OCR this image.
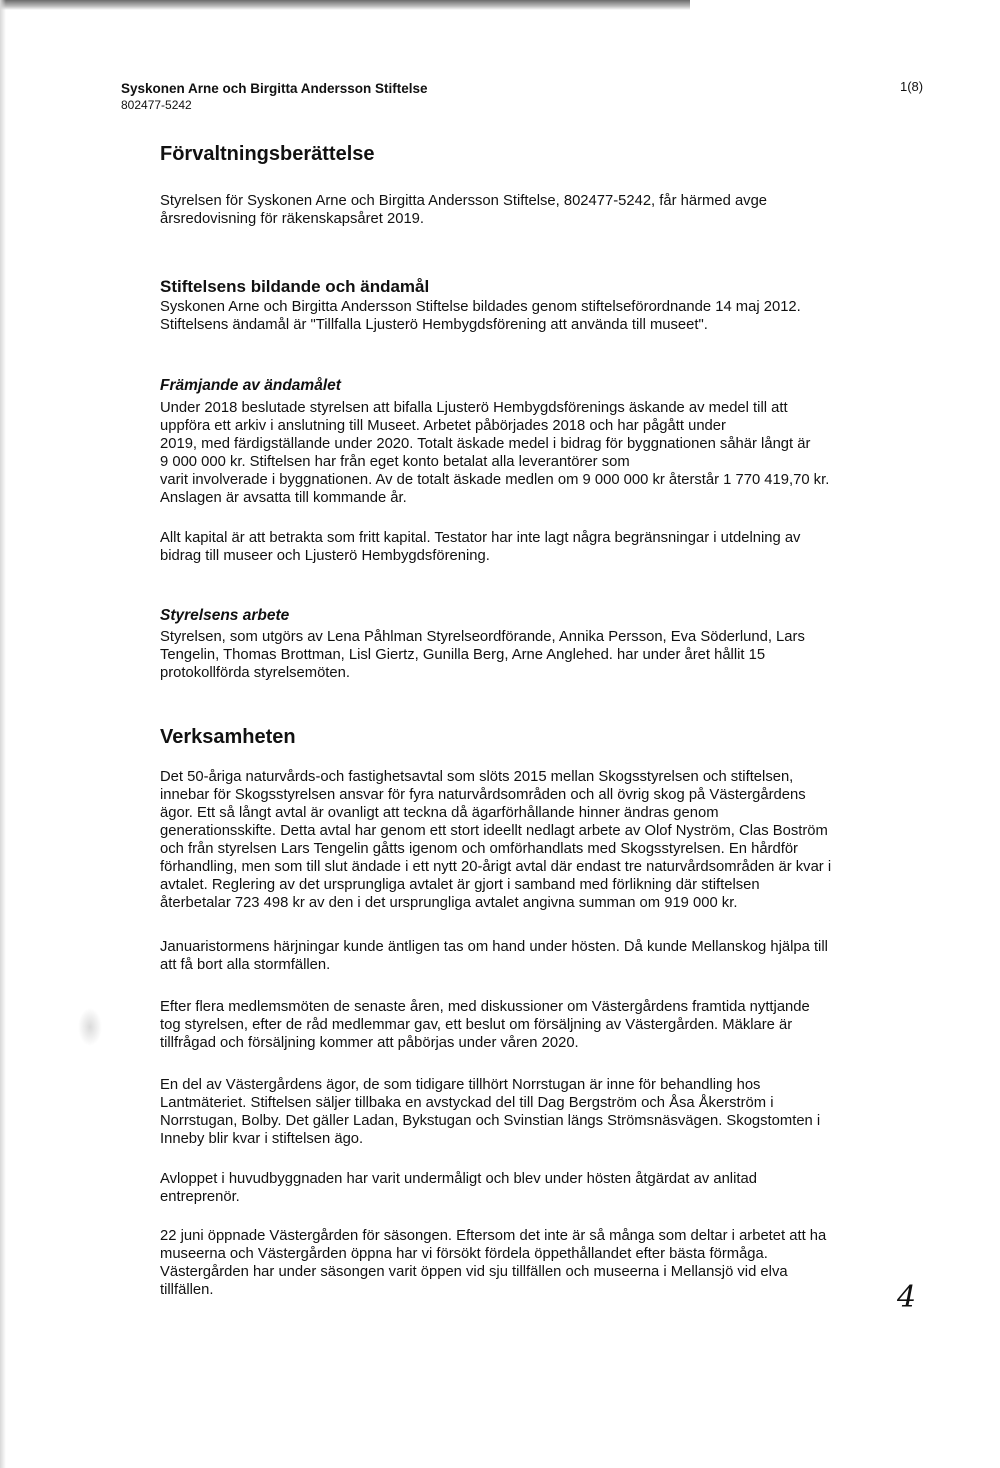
Syskonen Arne och Birgitta Andersson Stiftelse
802477-5242
1(8)
Förvaltningsberättelse
Styrelsen för Syskonen Arne och Birgitta Andersson Stiftelse, 802477-5242, får härmed avge
årsredovisning för räkenskapsåret 2019.
Stiftelsens bildande och ändamål
Syskonen Arne och Birgitta Andersson Stiftelse bildades genom stiftelseförordnande 14 maj 2012.
Stiftelsens ändamål är "Tillfalla Ljusterö Hembygdsförening att använda till museet".
Främjande av ändamålet
Under 2018 beslutade styrelsen att bifalla Ljusterö Hembygdsförenings äskande av medel till att
uppföra ett arkiv i anslutning till Museet. Arbetet påbörjades 2018 och har pågått under
2019, med färdigställande under 2020. Totalt äskade medel i bidrag för byggnationen såhär långt är
9 000 000 kr. Stiftelsen har från eget konto betalat alla leverantörer som
varit involverade i byggnationen. Av de totalt äskade medlen om 9 000 000 kr återstår 1 770 419,70 kr.
Anslagen är avsatta till kommande år.
Allt kapital är att betrakta som fritt kapital. Testator har inte lagt några begränsningar i utdelning av
bidrag till museer och Ljusterö Hembygdsförening.
Styrelsens arbete
Styrelsen, som utgörs av Lena Påhlman Styrelseordförande, Annika Persson, Eva Söderlund, Lars
Tengelin, Thomas Brottman, Lisl Giertz, Gunilla Berg, Arne Anglehed. har under året hållit 15
protokollförda styrelsemöten.
Verksamheten
Det 50-åriga naturvårds-och fastighetsavtal som slöts 2015 mellan Skogsstyrelsen och stiftelsen,
innebar för Skogsstyrelsen ansvar för fyra naturvårdsområden och all övrig skog på Västergårdens
ägor. Ett så långt avtal är ovanligt att teckna då ägarförhållande hinner ändras genom
generationsskifte. Detta avtal har genom ett stort ideellt nedlagt arbete av Olof Nyström, Clas Boström
och från styrelsen Lars Tengelin gåtts igenom och omförhandlats med Skogsstyrelsen. En hårdför
förhandling, men som till slut ändade i ett nytt 20-årigt avtal där endast tre naturvårdsområden är kvar i
avtalet. Reglering av det ursprungliga avtalet är gjort i samband med förlikning där stiftelsen
återbetalar 723 498 kr av den i det ursprungliga avtalet angivna summan om 919 000 kr.
Januaristormens härjningar kunde äntligen tas om hand under hösten. Då kunde Mellanskog hjälpa till
att få bort alla stormfällen.
Efter flera medlemsmöten de senaste åren, med diskussioner om Västergårdens framtida nyttjande
tog styrelsen, efter de råd medlemmar gav, ett beslut om försäljning av Västergården. Mäklare är
tillfrågad och försäljning kommer att påbörjas under våren 2020.
En del av Västergårdens ägor, de som tidigare tillhört Norrstugan är inne för behandling hos
Lantmäteriet. Stiftelsen säljer tillbaka en avstyckad del till Dag Bergström och Åsa Åkerström i
Norrstugan, Bolby. Det gäller Ladan, Bykstugan och Svinstian längs Strömsnäsvägen. Skogstomten i
Inneby blir kvar i stiftelsen ägo.
Avloppet i huvudbyggnaden har varit undermåligt och blev under hösten åtgärdat av anlitad
entreprenör.
22 juni öppnade Västergården för säsongen. Eftersom det inte är så många som deltar i arbetet att ha
museerna och Västergården öppna har vi försökt fördela öppethållandet efter bästa förmåga.
Västergården har under säsongen varit öppen vid sju tillfällen och museerna i Mellansjö vid elva
tillfällen.	4
